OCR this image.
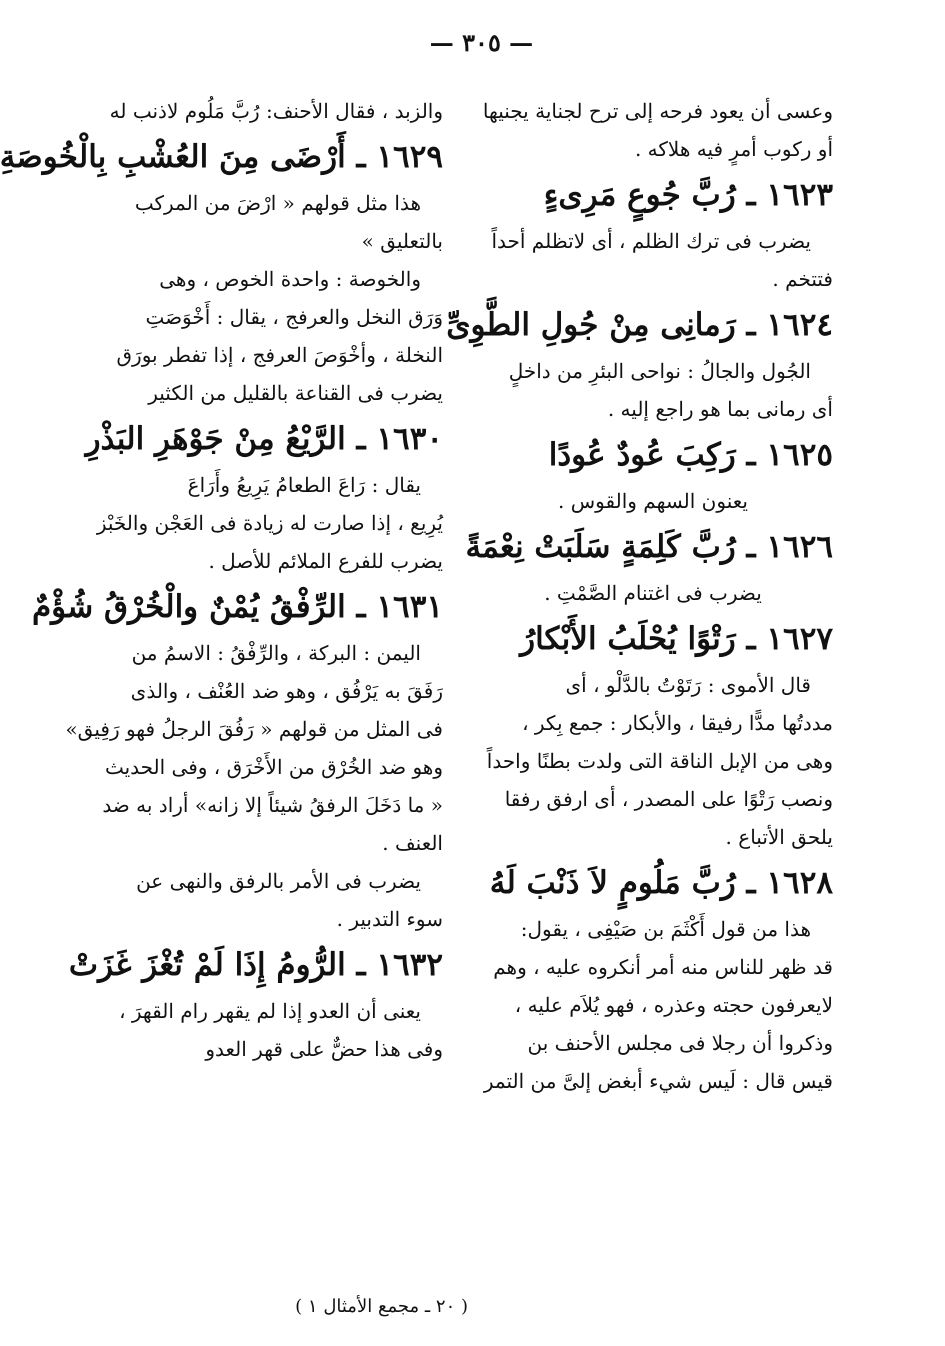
— ٣٠٥ —

وعسى أن يعود فرحه إلى ترح لجناية يجنيها

أو ركوب أمرٍ فيه هلاكه .

١٦٢٣ ـ رُبَّ جُوعٍ مَرِىءٍ

يضرب فى ترك الظلم ، أى لاتظلم أحداً

فتتخم .

١٦٢٤ ـ رَمانِى مِنْ جُولِ الطَّوِىِّ

الجُول والجالُ : نواحى البئرِ من داخلٍ

أى رمانى بما هو راجع إليه .

١٦٢٥ ـ رَكِبَ عُودٌ عُودًا

يعنون السهم والقوس .

١٦٢٦ ـ رُبَّ كَلِمَةٍ سَلَبَتْ نِعْمَةً

يضرب فى اغتنام الصَّمْتِ .

١٦٢٧ ـ رَتْوًا يُحْلَبُ الأَبْكارُ

قال الأموى : رَتَوْتُ بالدَّلْو ، أى

مددتُها مدًّا رفيقا ، والأبكار : جمع بِكر ،

وهى من الإبل الناقة التى ولدت بطنًا واحداً

ونصب رَتْوًا على المصدر ، أى ارفق رفقا

يلحق الأتباع .

١٦٢٨ ـ رُبَّ مَلُومٍ لاَ ذَنْبَ لَهُ

هذا من قول أَكْثَمَ بن صَيْفِى ، يقول:

قد ظهر للناس منه أمر أنكروه عليه ، وهم

لايعرفون حجته وعذره ، فهو يُلاَم عليه ،

وذكروا أن رجلا فى مجلس الأحنف بن

قيس قال : لَيس شيء أبغض إلىَّ من التمر

والزبد ، فقال الأحنف: رُبَّ مَلُوم لاذنب له

١٦٢٩ ـ أَرْضَى مِنَ العُشْبِ بِالْخُوصَةِ

هذا مثل قولهم « ارْضَ من المركب

بالتعليق »

والخوصة : واحدة الخوص ، وهى

وَرَق النخل والعرفج ، يقال : أَخْوَصَتِ

النخلة ، وأخْوَصَ العرفج ، إذا تفطر بورَق

يضرب فى القناعة بالقليل من الكثير

١٦٣٠ ـ الرَّيْعُ مِنْ جَوْهَرِ البَذْرِ

يقال : رَاعَ الطعامُ يَرِيعُ وأَرَاعَ

يُرِيع ، إذا صارت له زيادة فى العَجْن والخَبْز

يضرب للفرع الملائم للأصل .

١٦٣١ ـ الرِّفْقُ يُمْنٌ والْخُرْقُ شُؤْمٌ

اليمن : البركة ، والرِّفْقُ : الاسمُ من

رَفَقَ به يَرْفُق ، وهو ضد العُنْف ، والذى

فى المثل من قولهم « رَفُقَ الرجلُ فهو رَفِيق»

وهو ضد الخُرْق من الأَخْرَق ، وفى الحديث

« ما دَخَلَ الرفقُ شيئاً إلا زانه» أراد به ضد

العنف .

يضرب فى الأمر بالرفق والنهى عن

سوء التدبير .

١٦٣٢ ـ الرُّومُ إِذَا لَمْ تُغْزَ غَزَتْ

يعنى أن العدو إذا لم يقهر رام القهرَ ،

وفى هذا حضٌّ على قهر العدو

( ٢٠ ـ مجمع الأمثال ١ )
